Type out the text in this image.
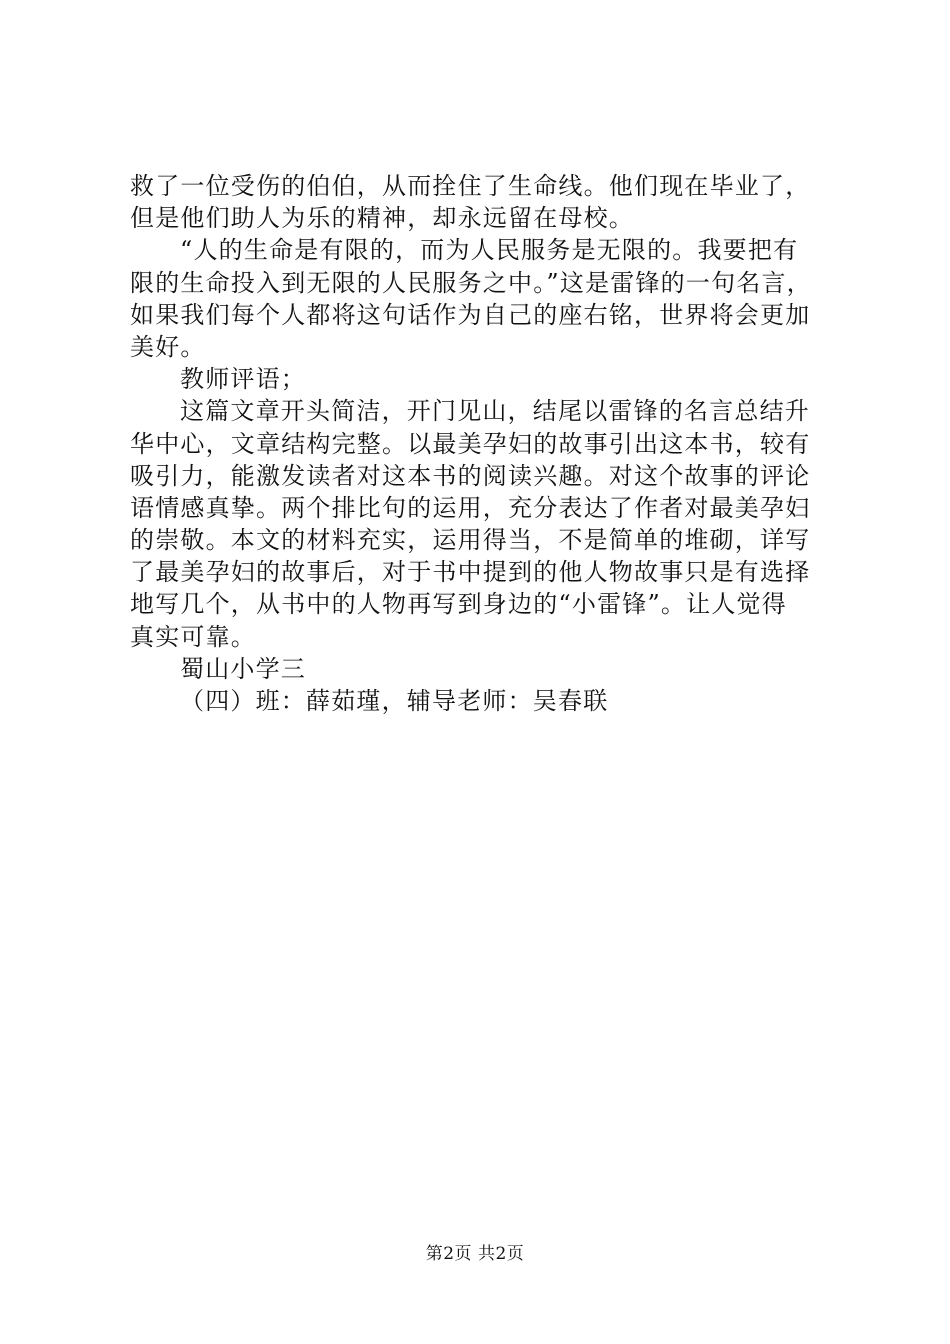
救了一位受伤的伯伯，从而拴住了生命线。他们现在毕业了，
但是他们助人为乐的精神，却永远留在母校。
“人的生命是有限的，而为人民服务是无限的。我要把有
限的生命投入到无限的人民服务之中。”这是雷锋的一句名言，
如果我们每个人都将这句话作为自己的座右铭，世界将会更加
美好。
教师评语；
这篇文章开头简洁，开门见山，结尾以雷锋的名言总结升
华中心，文章结构完整。以最美孕妇的故事引出这本书，较有
吸引力，能激发读者对这本书的阅读兴趣。对这个故事的评论
语情感真挚。两个排比句的运用，充分表达了作者对最美孕妇
的崇敬。本文的材料充实，运用得当，不是简单的堆砌，详写
了最美孕妇的故事后，对于书中提到的他人物故事只是有选择
地写几个，从书中的人物再写到身边的“小雷锋”。让人觉得
真实可靠。
蜀山小学三
（四）班：薛茹瑾，辅导老师：吴春联
第2页 共2页
